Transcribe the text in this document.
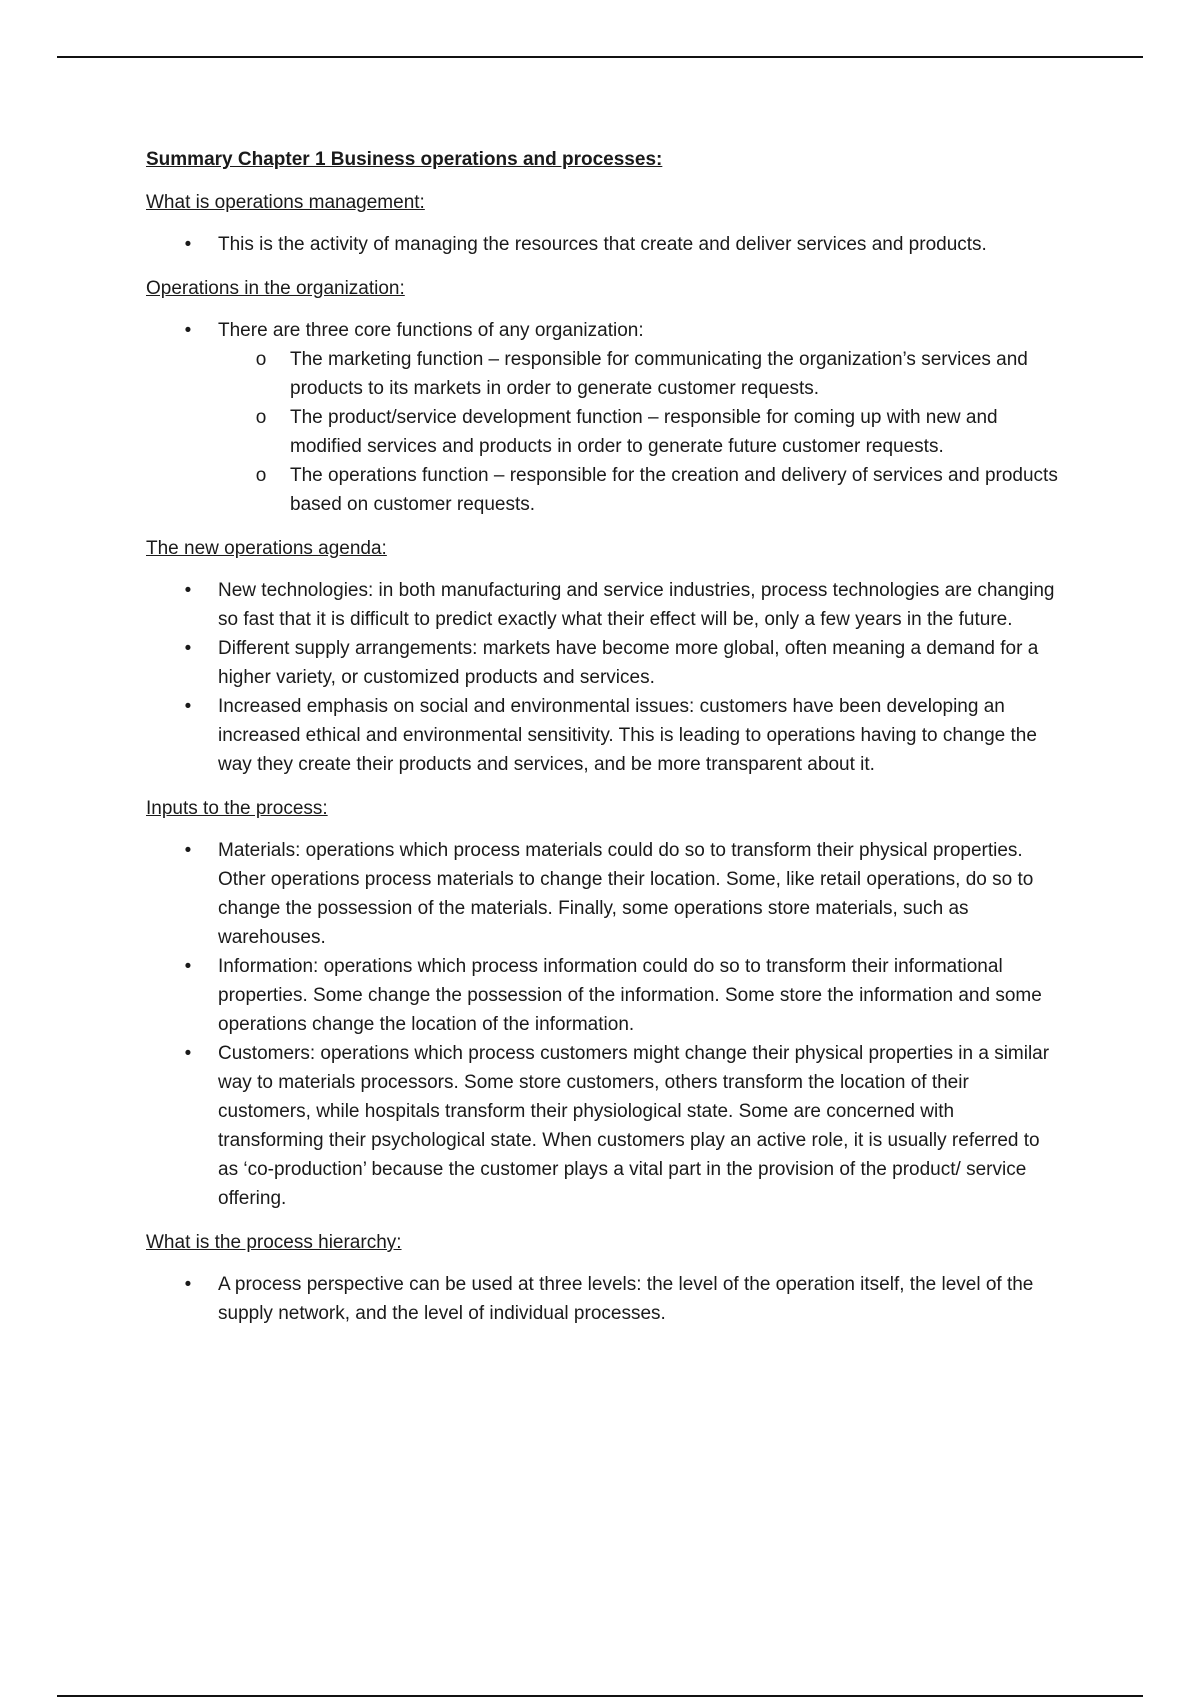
Summary Chapter 1 Business operations and processes:
What is operations management:
• This is the activity of managing the resources that create and deliver services and products.
Operations in the organization:
• There are three core functions of any organization:
o The marketing function – responsible for communicating the organization’s services and products to its markets in order to generate customer requests.
o The product/service development function – responsible for coming up with new and modified services and products in order to generate future customer requests.
o The operations function – responsible for the creation and delivery of services and products based on customer requests.
The new operations agenda:
• New technologies: in both manufacturing and service industries, process technologies are changing so fast that it is difficult to predict exactly what their effect will be, only a few years in the future.
• Different supply arrangements: markets have become more global, often meaning a demand for a higher variety, or customized products and services.
• Increased emphasis on social and environmental issues: customers have been developing an increased ethical and environmental sensitivity. This is leading to operations having to change the way they create their products and services, and be more transparent about it.
Inputs to the process:
• Materials: operations which process materials could do so to transform their physical properties. Other operations process materials to change their location. Some, like retail operations, do so to change the possession of the materials. Finally, some operations store materials, such as warehouses.
• Information: operations which process information could do so to transform their informational properties. Some change the possession of the information. Some store the information and some operations change the location of the information.
• Customers: operations which process customers might change their physical properties in a similar way to materials processors. Some store customers, others transform the location of their customers, while hospitals transform their physiological state. Some are concerned with transforming their psychological state. When customers play an active role, it is usually referred to as ‘co-production’ because the customer plays a vital part in the provision of the product/ service offering.
What is the process hierarchy:
• A process perspective can be used at three levels: the level of the operation itself, the level of the supply network, and the level of individual processes.
